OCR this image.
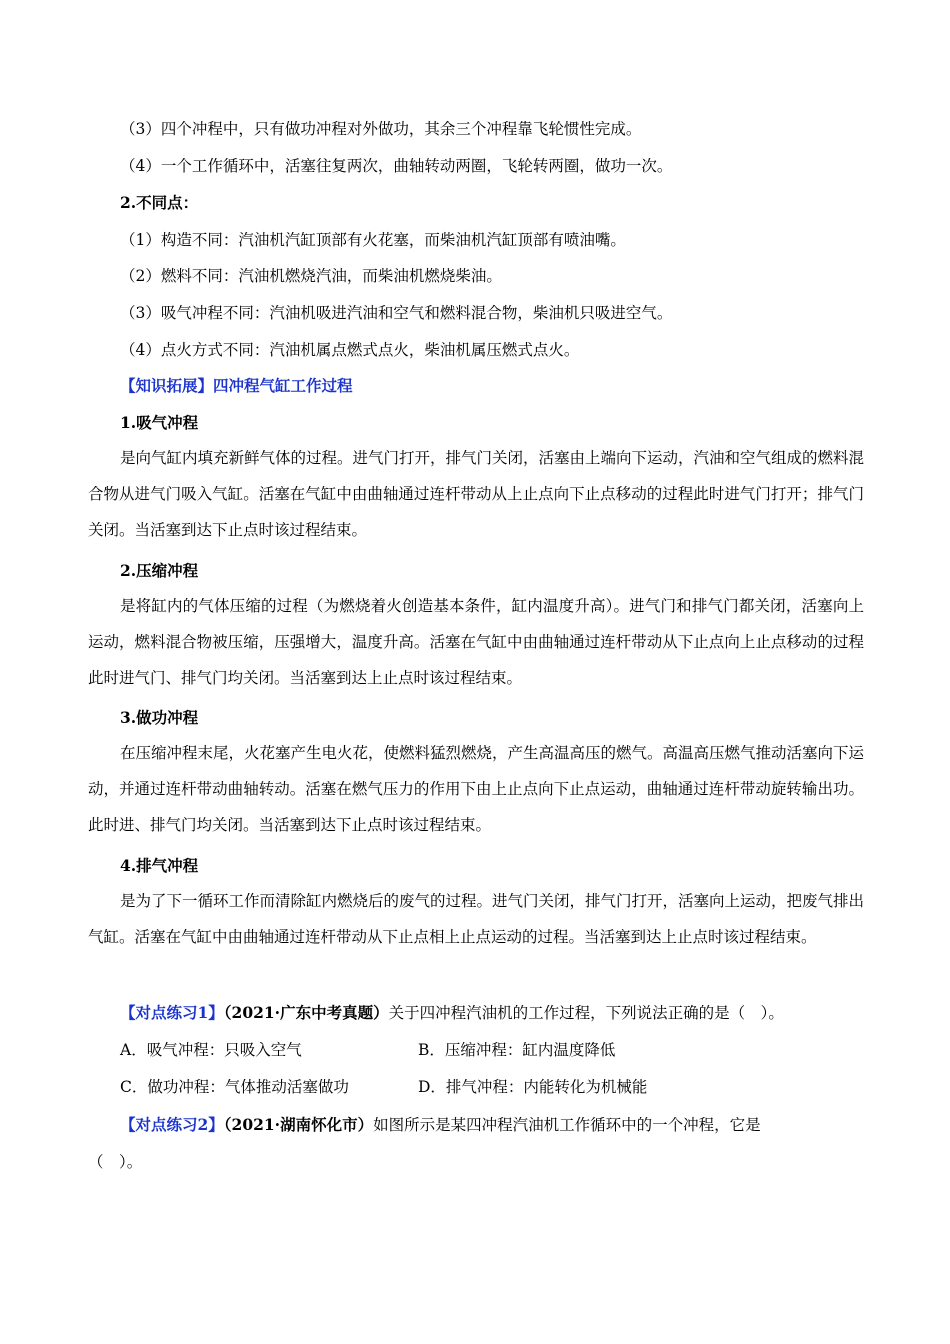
（3）四个冲程中，只有做功冲程对外做功，其余三个冲程靠飞轮惯性完成。
（4）一个工作循环中，活塞往复两次，曲轴转动两圈，飞轮转两圈，做功一次。
2.不同点：
（1）构造不同：汽油机汽缸顶部有火花塞，而柴油机汽缸顶部有喷油嘴。
（2）燃料不同：汽油机燃烧汽油，而柴油机燃烧柴油。
（3）吸气冲程不同：汽油机吸进汽油和空气和燃料混合物，柴油机只吸进空气。
（4）点火方式不同：汽油机属点燃式点火，柴油机属压燃式点火。
【知识拓展】四冲程气缸工作过程
1.吸气冲程
是向气缸内填充新鲜气体的过程。进气门打开，排气门关闭，活塞由上端向下运动，汽油和空气组成的燃料混合物从进气门吸入气缸。活塞在气缸中由曲轴通过连杆带动从上止点向下止点移动的过程此时进气门打开；排气门关闭。当活塞到达下止点时该过程结束。
2.压缩冲程
是将缸内的气体压缩的过程（为燃烧着火创造基本条件，缸内温度升高）。进气门和排气门都关闭，活塞向上运动，燃料混合物被压缩，压强增大，温度升高。活塞在气缸中由曲轴通过连杆带动从下止点向上止点移动的过程此时进气门、排气门均关闭。当活塞到达上止点时该过程结束。
3.做功冲程
在压缩冲程末尾，火花塞产生电火花，使燃料猛烈燃烧，产生高温高压的燃气。高温高压燃气推动活塞向下运动，并通过连杆带动曲轴转动。活塞在燃气压力的作用下由上止点向下止点运动，曲轴通过连杆带动旋转输出功。此时进、排气门均关闭。当活塞到达下止点时该过程结束。
4.排气冲程
是为了下一循环工作而清除缸内燃烧后的废气的过程。进气门关闭，排气门打开，活塞向上运动，把废气排出气缸。活塞在气缸中由曲轴通过连杆带动从下止点相上止点运动的过程。当活塞到达上止点时该过程结束。
【对点练习1】（2021·广东中考真题）关于四冲程汽油机的工作过程，下列说法正确的是（　）。
A．吸气冲程：只吸入空气	B．压缩冲程：缸内温度降低
C．做功冲程：气体推动活塞做功	D．排气冲程：内能转化为机械能
【对点练习2】（2021·湖南怀化市）如图所示是某四冲程汽油机工作循环中的一个冲程，它是
（　）。
